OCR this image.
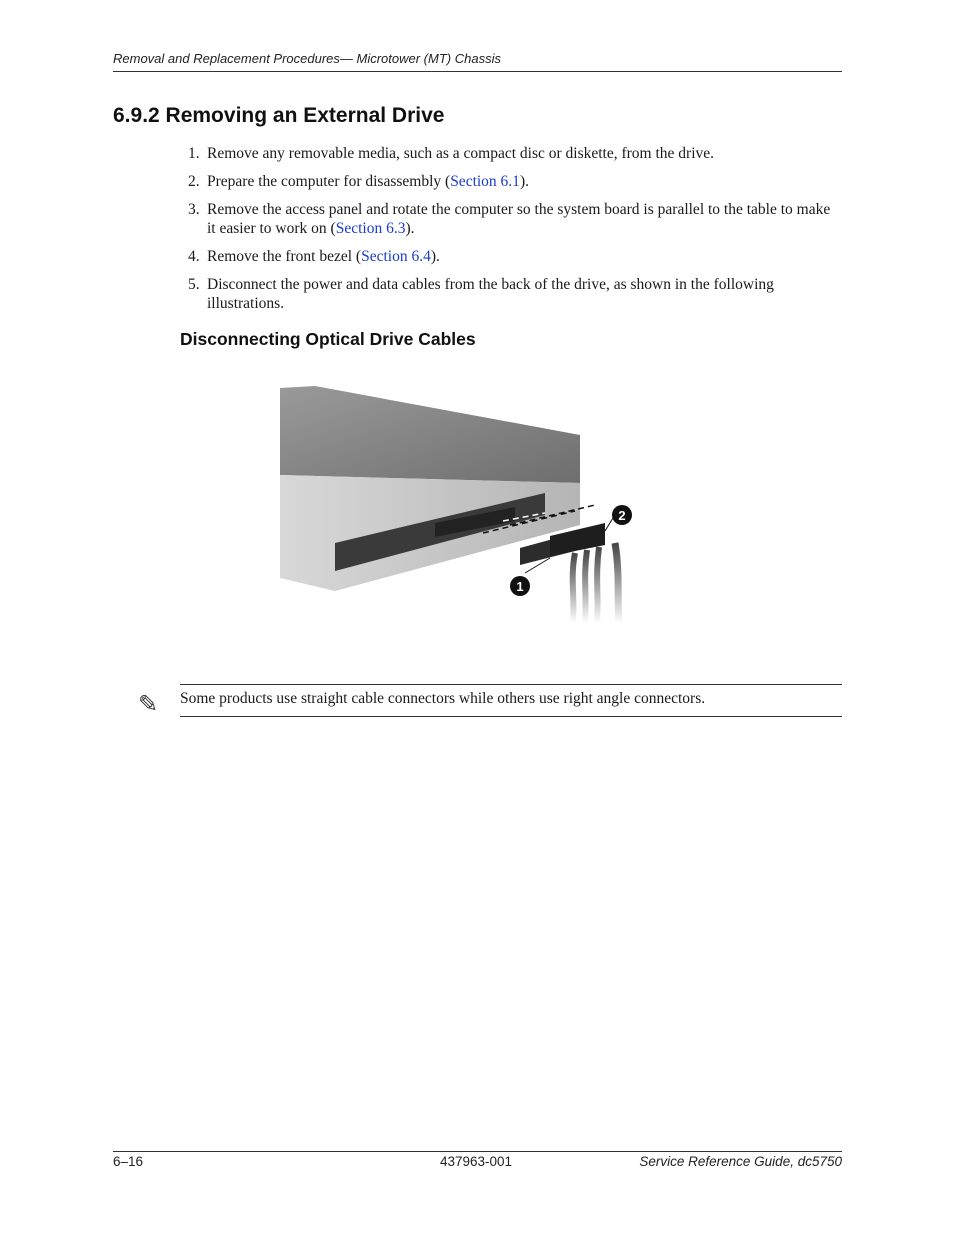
Removal and Replacement Procedures— Microtower (MT) Chassis
6.9.2 Removing an External Drive
1. Remove any removable media, such as a compact disc or diskette, from the drive.
2. Prepare the computer for disassembly (Section 6.1).
3. Remove the access panel and rotate the computer so the system board is parallel to the table to make it easier to work on (Section 6.3).
4. Remove the front bezel (Section 6.4).
5. Disconnect the power and data cables from the back of the drive, as shown in the following illustrations.
Disconnecting Optical Drive Cables
1
2
✎ Some products use straight cable connectors while others use right angle connectors.
6–16	437963-001	Service Reference Guide, dc5750
